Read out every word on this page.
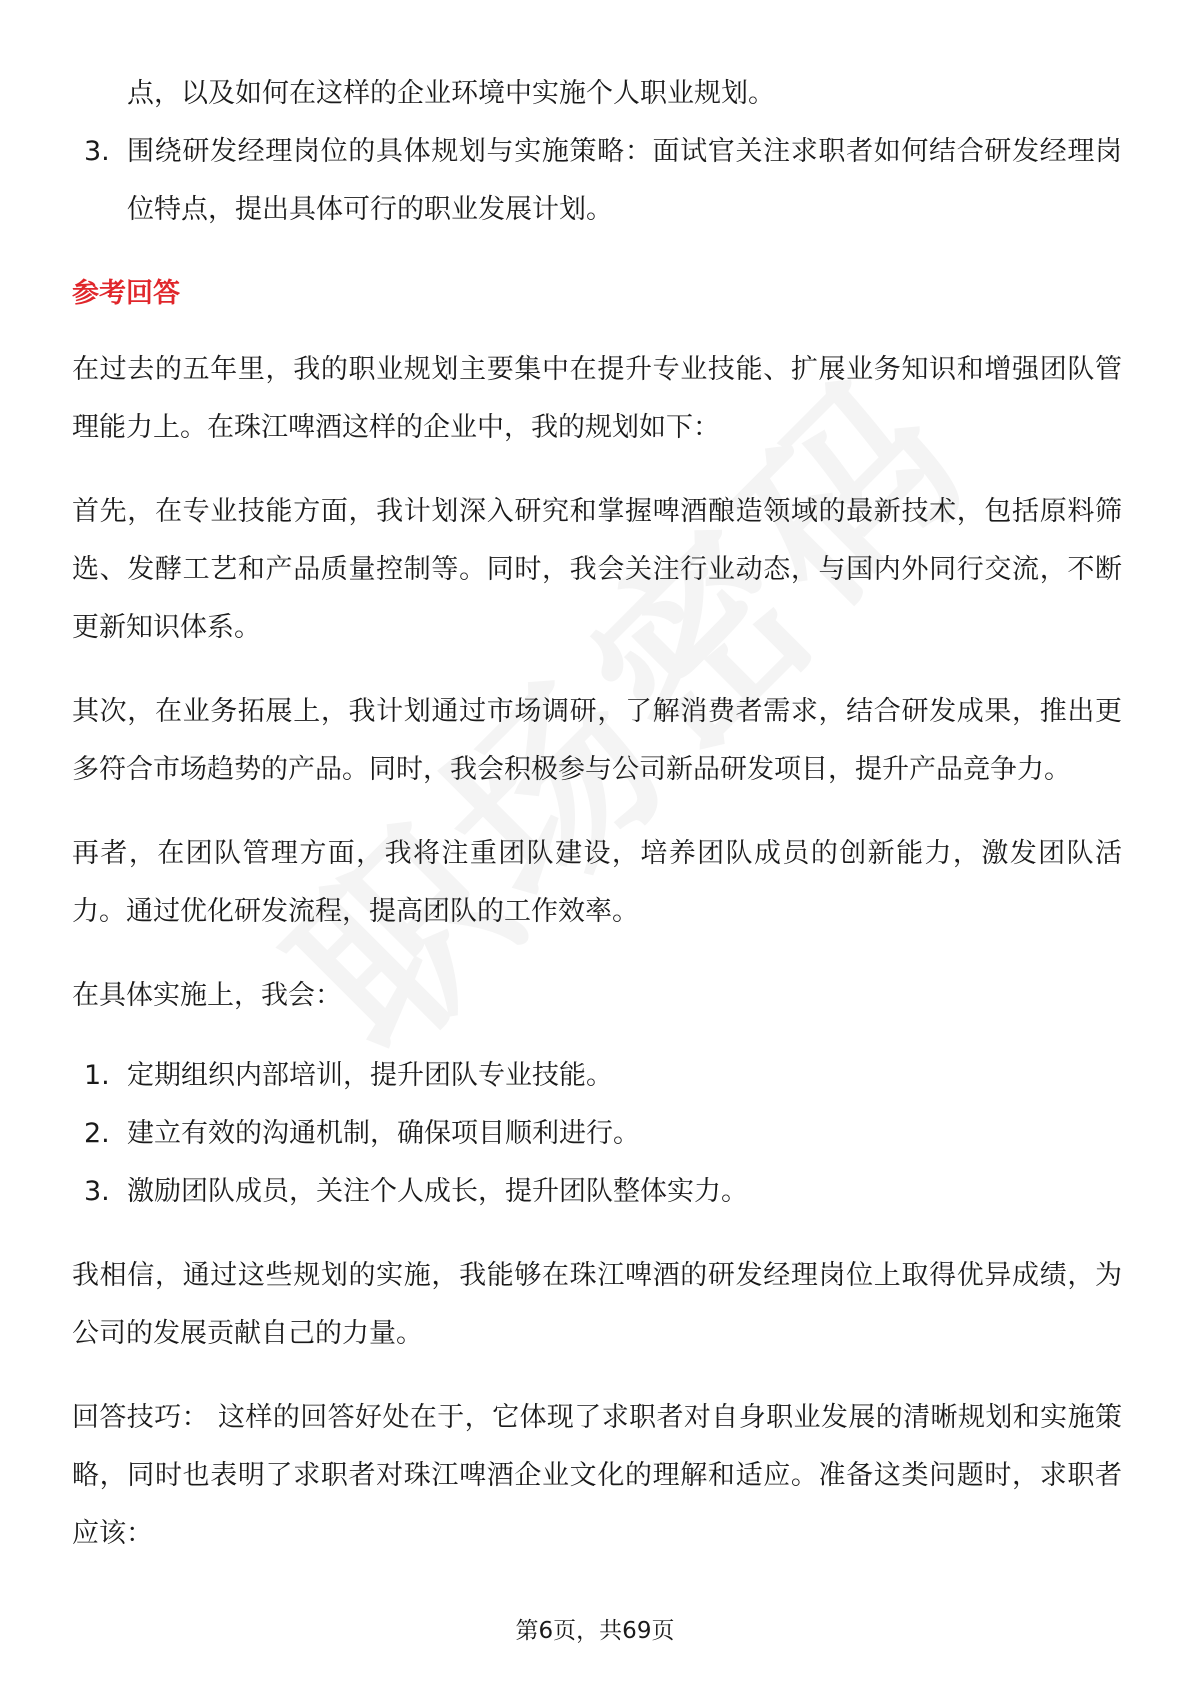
点，以及如何在这样的企业环境中实施个人职业规划。

3. 围绕研发经理岗位的具体规划与实施策略：面试官关注求职者如何结合研发经理岗位特点，提出具体可行的职业发展计划。
参考回答

在过去的五年里，我的职业规划主要集中在提升专业技能、扩展业务知识和增强团队管理能力上。在珠江啤酒这样的企业中，我的规划如下：

首先，在专业技能方面，我计划深入研究和掌握啤酒酿造领域的最新技术，包括原料筛选、发酵工艺和产品质量控制等。同时，我会关注行业动态，与国内外同行交流，不断更新知识体系。

其次，在业务拓展上，我计划通过市场调研，了解消费者需求，结合研发成果，推出更多符合市场趋势的产品。同时，我会积极参与公司新品研发项目，提升产品竞争力。

再者，在团队管理方面，我将注重团队建设，培养团队成员的创新能力，激发团队活力。通过优化研发流程，提高团队的工作效率。

在具体实施上，我会：

1. 定期组织内部培训，提升团队专业技能。
2. 建立有效的沟通机制，确保项目顺利进行。
3. 激励团队成员，关注个人成长，提升团队整体实力。

我相信，通过这些规划的实施，我能够在珠江啤酒的研发经理岗位上取得优异成绩，为公司的发展贡献自己的力量。

回答技巧： 这样的回答好处在于，它体现了求职者对自身职业发展的清晰规划和实施策略，同时也表明了求职者对珠江啤酒企业文化的理解和适应。准备这类问题时，求职者应该：

第6页，共69页
